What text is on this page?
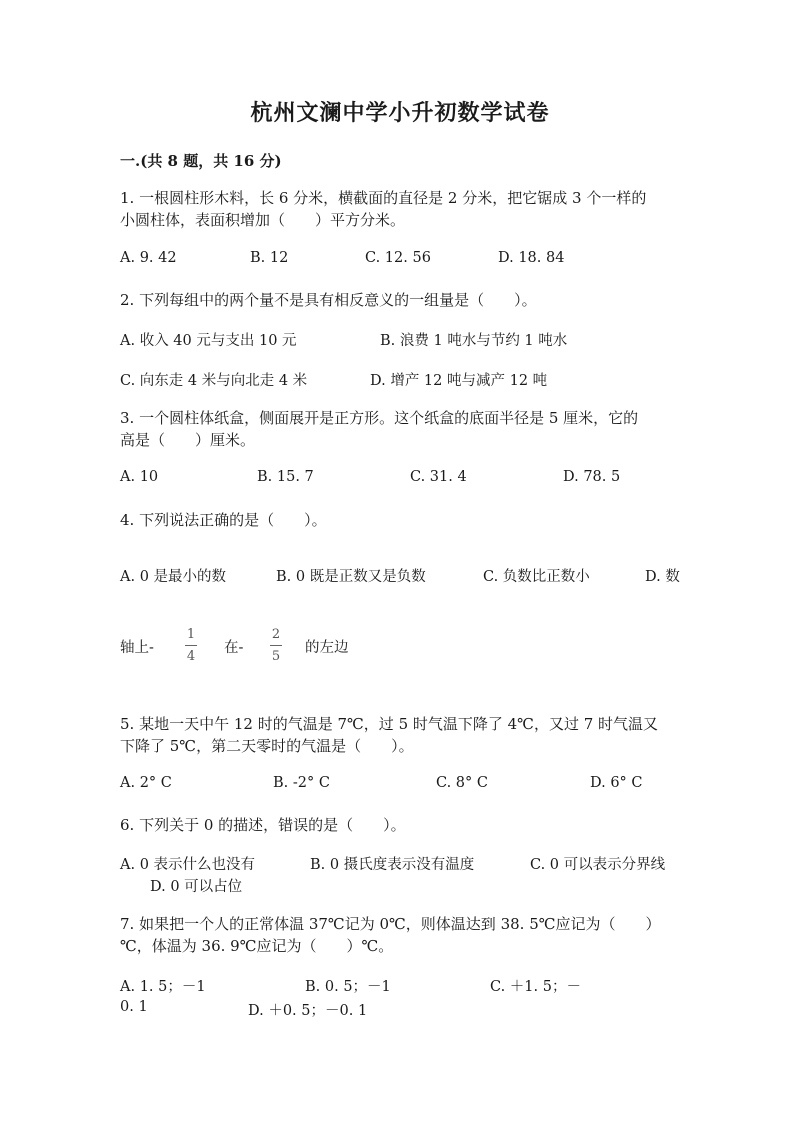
杭州文澜中学小升初数学试卷
一.(共 8 题，共 16 分)
1. 一根圆柱形木料，长 6 分米，横截面的直径是 2 分米，把它锯成 3 个一样的
小圆柱体，表面积增加（　　）平方分米。
A. 9. 42	B. 12	C. 12. 56	D. 18. 84
2. 下列每组中的两个量不是具有相反意义的一组量是（　　）。
A. 收入 40 元与支出 10 元	B. 浪费 1 吨水与节约 1 吨水
C. 向东走 4 米与向北走 4 米	D. 增产 12 吨与减产 12 吨
3. 一个圆柱体纸盒，侧面展开是正方形。这个纸盒的底面半径是 5 厘米，它的
高是（　　）厘米。
A. 10	B. 15. 7	C. 31. 4	D. 78. 5
4. 下列说法正确的是（　　）。
A. 0 是最小的数	B. 0 既是正数又是负数	C. 负数比正数小	D. 数
轴上-
1
4
在-
2
5
的左边
5. 某地一天中午 12 时的气温是 7℃，过 5 时气温下降了 4℃，又过 7 时气温又
下降了 5℃，第二天零时的气温是（　　）。
A. 2° C	B. -2° C	C. 8° C	D. 6° C
6. 下列关于 0 的描述，错误的是（　　）。
A. 0 表示什么也没有	B. 0 摄氏度表示没有温度	C. 0 可以表示分界线
D. 0 可以占位
7. 如果把一个人的正常体温 37℃记为 0℃，则体温达到 38. 5℃应记为（　　）
℃，体温为 36. 9℃应记为（　　）℃。
A. 1. 5；－1	B. 0. 5；－1	C. ＋1. 5；－
0. 1	D. ＋0. 5；－0. 1
